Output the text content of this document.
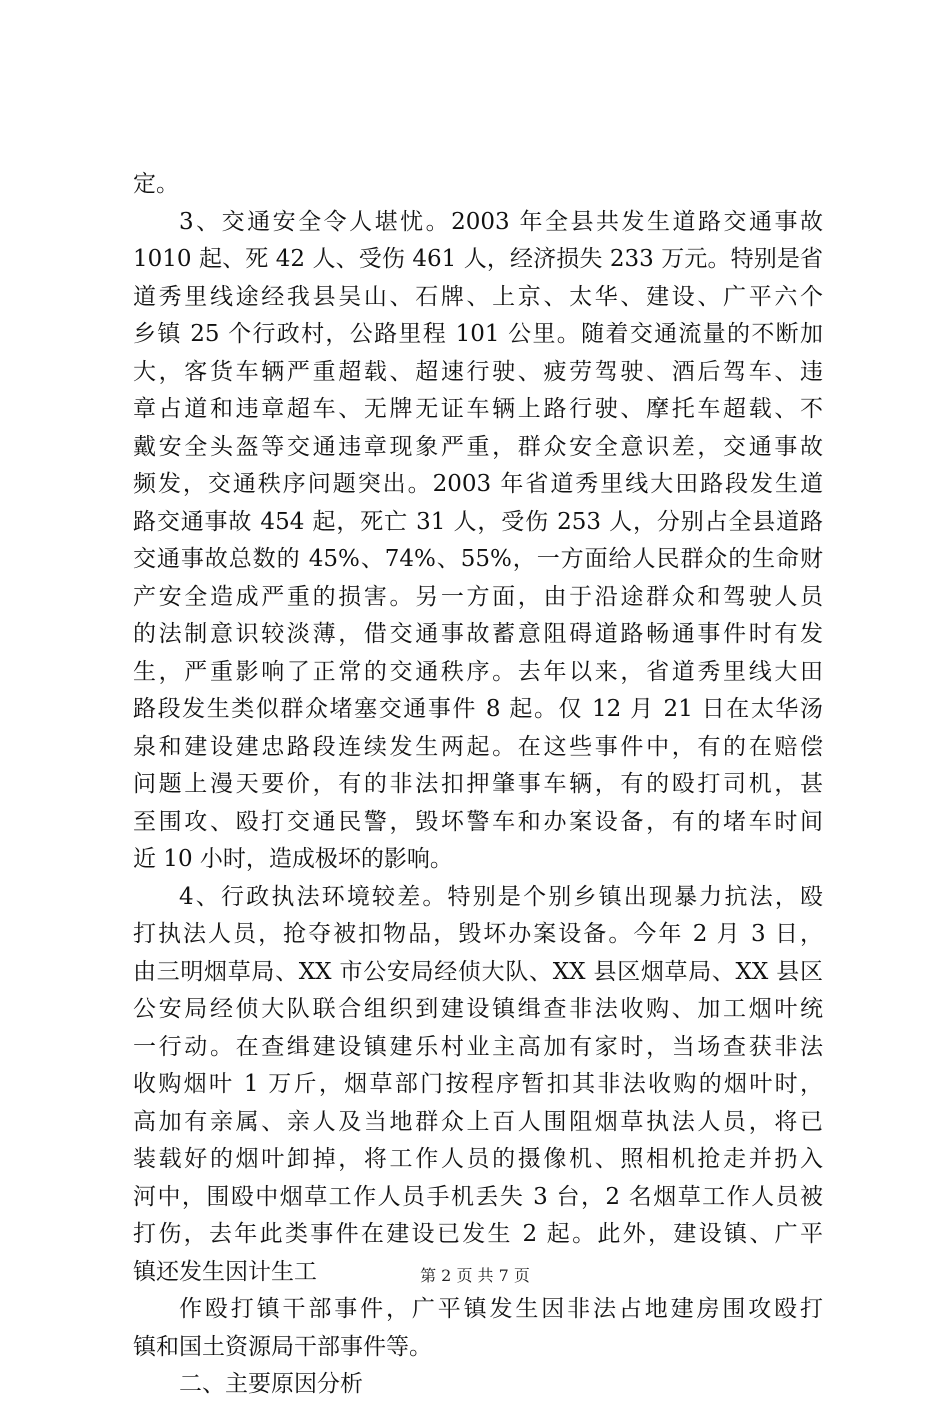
定。
3、交通安全令人堪忧。2003 年全县共发生道路交通事故
1010 起、死 42 人、受伤 461 人，经济损失 233 万元。特别是省
道秀里线途经我县吴山、石牌、上京、太华、建设、广平六个
乡镇 25 个行政村，公路里程 101 公里。随着交通流量的不断加
大，客货车辆严重超载、超速行驶、疲劳驾驶、酒后驾车、违
章占道和违章超车、无牌无证车辆上路行驶、摩托车超载、不
戴安全头盔等交通违章现象严重，群众安全意识差，交通事故
频发，交通秩序问题突出。2003 年省道秀里线大田路段发生道
路交通事故 454 起，死亡 31 人，受伤 253 人，分别占全县道路
交通事故总数的 45%、74%、55%，一方面给人民群众的生命财
产安全造成严重的损害。另一方面，由于沿途群众和驾驶人员
的法制意识较淡薄，借交通事故蓄意阻碍道路畅通事件时有发
生，严重影响了正常的交通秩序。去年以来，省道秀里线大田
路段发生类似群众堵塞交通事件 8 起。仅 12 月 21 日在太华汤
泉和建设建忠路段连续发生两起。在这些事件中，有的在赔偿
问题上漫天要价，有的非法扣押肇事车辆，有的殴打司机，甚
至围攻、殴打交通民警，毁坏警车和办案设备，有的堵车时间
近 10 小时，造成极坏的影响。
4、行政执法环境较差。特别是个别乡镇出现暴力抗法，殴
打执法人员，抢夺被扣物品，毁坏办案设备。今年 2 月 3 日，
由三明烟草局、XX 市公安局经侦大队、XX 县区烟草局、XX 县区
公安局经侦大队联合组织到建设镇缉查非法收购、加工烟叶统
一行动。在查缉建设镇建乐村业主高加有家时，当场查获非法
收购烟叶 1 万斤，烟草部门按程序暂扣其非法收购的烟叶时，
高加有亲属、亲人及当地群众上百人围阻烟草执法人员，将已
装载好的烟叶卸掉，将工作人员的摄像机、照相机抢走并扔入
河中，围殴中烟草工作人员手机丢失 3 台，2 名烟草工作人员被
打伤，去年此类事件在建设已发生 2 起。此外，建设镇、广平
镇还发生因计生工
作殴打镇干部事件，广平镇发生因非法占地建房围攻殴打
镇和国土资源局干部事件等。
二、主要原因分析
第 2 页 共 7 页
